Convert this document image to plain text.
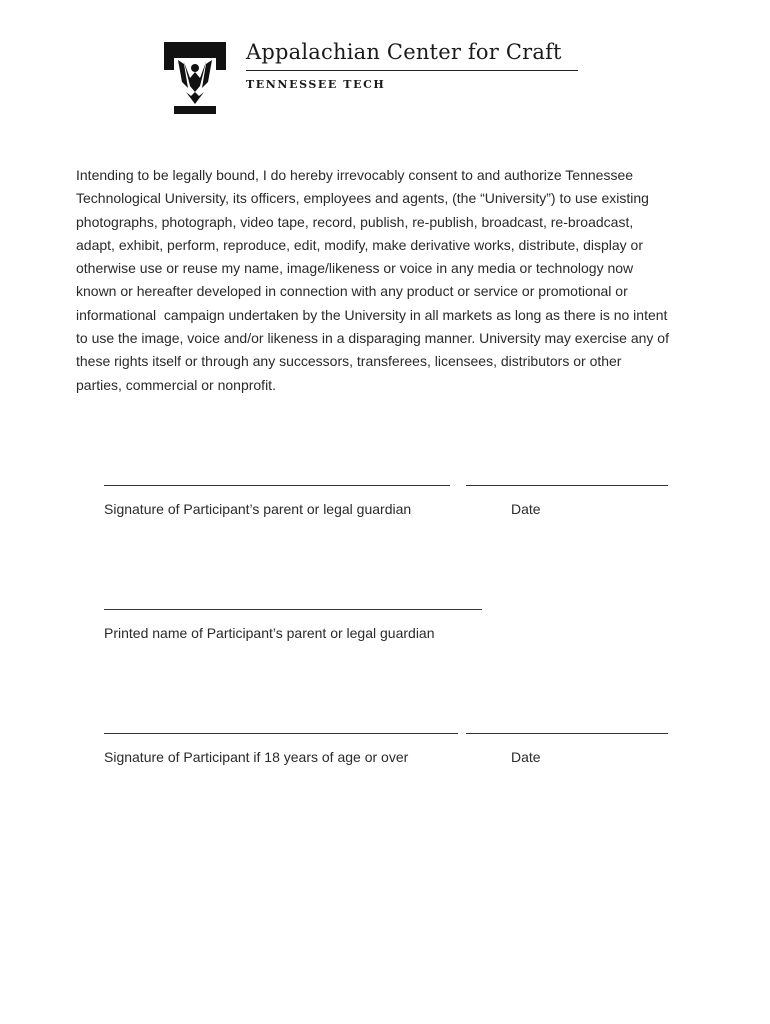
Appalachian Center for Craft
TENNESSEE TECH
Intending to be legally bound, I do hereby irrevocably consent to and authorize Tennessee
Technological University, its officers, employees and agents, (the “University”) to use existing
photographs, photograph, video tape, record, publish, re-publish, broadcast, re-broadcast,
adapt, exhibit, perform, reproduce, edit, modify, make derivative works, distribute, display or
otherwise use or reuse my name, image/likeness or voice in any media or technology now
known or hereafter developed in connection with any product or service or promotional or
informational  campaign undertaken by the University in all markets as long as there is no intent
to use the image, voice and/or likeness in a disparaging manner. University may exercise any of
these rights itself or through any successors, transferees, licensees, distributors or other
parties, commercial or nonprofit.
Signature of Participant’s parent or legal guardian	Date
Printed name of Participant’s parent or legal guardian
Signature of Participant if 18 years of age or over	Date
